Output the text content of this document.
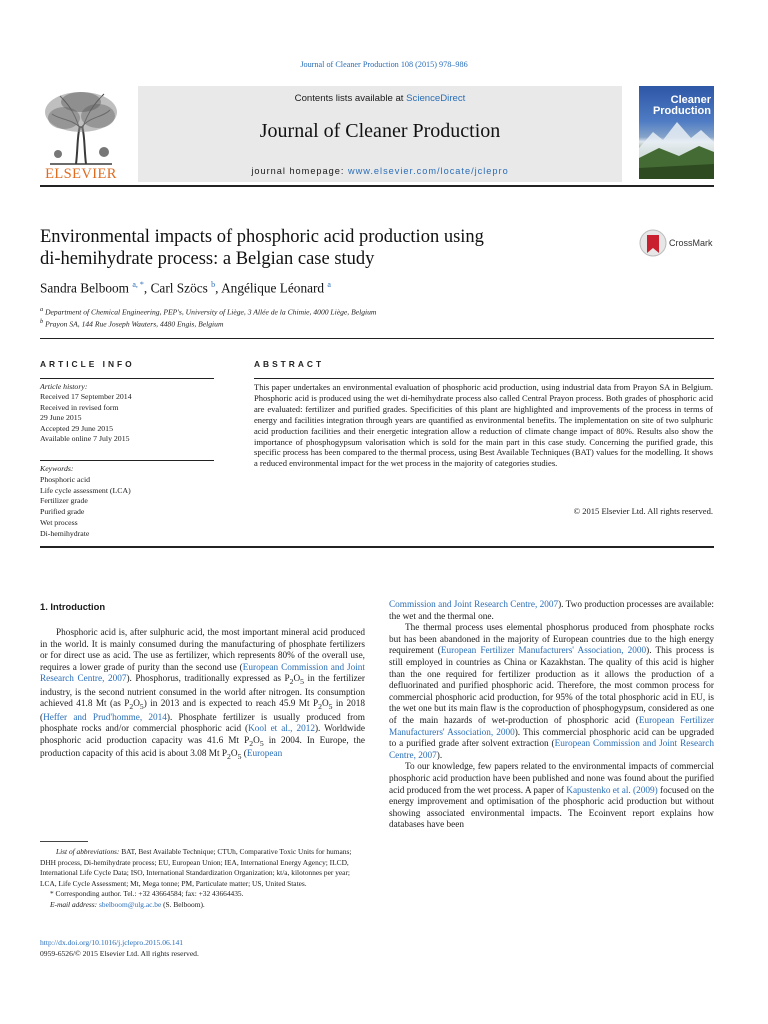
Journal of Cleaner Production 108 (2015) 978–986
ELSEVIER
Contents lists available at ScienceDirect
Journal of Cleaner Production
journal homepage: www.elsevier.com/locate/jclepro
Cleaner
Production
Environmental impacts of phosphoric acid production using
di-hemihydrate process: a Belgian case study
CrossMark
Sandra Belboom $^{a, *}$, Carl Szöcs $^b$, Angélique Léonard $^a$
$^a$ Department of Chemical Engineering, PEP's, University of Liège, 3 Allée de la Chimie, 4000 Liège, Belgium
$^b$ Prayon SA, 144 Rue Joseph Wauters, 4480 Engis, Belgium
ARTICLE INFO
Article history:
Received 17 September 2014
Received in revised form
29 June 2015
Accepted 29 June 2015
Available online 7 July 2015
Keywords:
Phosphoric acid
Life cycle assessment (LCA)
Fertilizer grade
Purified grade
Wet process
Di-hemihydrate
ABSTRACT
This paper undertakes an environmental evaluation of phosphoric acid production, using industrial data from Prayon SA in Belgium. Phosphoric acid is produced using the wet di-hemihydrate process also called Central Prayon process. Both grades of phosphoric acid are evaluated: fertilizer and purified grades. Specificities of this plant are highlighted and improvements of the process in terms of energy and facilities integration through years are quantified as environmental benefits. The implementation on site of two sulphuric acid production facilities and their energetic integration allow a reduction of climate change impact of 80%. Results also show the importance of phosphogypsum valorisation which is sold for the main part in this case study. Concerning the purified grade, this specific process has been compared to the thermal process, using Best Available Techniques (BAT) values for the modelling. It shows a reduced environmental impact for the wet process in the majority of categories studies.
© 2015 Elsevier Ltd. All rights reserved.
1. Introduction

Phosphoric acid is, after sulphuric acid, the most important mineral acid produced in the world. It is mainly consumed during the manufacturing of phosphate fertilizers or for direct use as acid. The use as fertilizer, which represents 80% of the overall use, requires a lower grade of purity than the second use (European Commission and Joint Research Centre, 2007). Phosphorus, traditionally expressed as $P_2O_5$ in the fertilizer industry, is the second nutrient consumed in the world after nitrogen. Its consumption achieved 41.8 Mt (as $P_2O_5$) in 2013 and is expected to reach 45.9 Mt $P_2O_5$ in 2018 (Heffer and Prud'homme, 2014). Phosphate fertilizer is usually produced from phosphate rocks and/or commercial phosphoric acid (Kool et al., 2012). Worldwide phosphoric acid production capacity was 41.6 Mt $P_2O_5$ in 2004. In Europe, the production capacity of this acid is about 3.08 Mt $P_2O_5$ (European

List of abbreviations: BAT, Best Available Technique; CTUh, Comparative Toxic Units for humans; DHH process, Di-hemihydrate process; EU, European Union; IEA, International Energy Agency; ILCD, International Life Cycle Data; ISO, International Standardization Organization; kt/a, kilotonnes per year; LCA, Life Cycle Assessment; Mt, Mega tonne; PM, Particulate matter; US, United States.
* Corresponding author. Tel.: +32 43664584; fax: +32 43664435.
E-mail address: sbelboom@ulg.ac.be (S. Belboom).
http://dx.doi.org/10.1016/j.jclepro.2015.06.141
0959-6526/© 2015 Elsevier Ltd. All rights reserved.

Commission and Joint Research Centre, 2007). Two production processes are available: the wet and the thermal one.

The thermal process uses elemental phosphorus produced from phosphate rocks but has been abandoned in the majority of European countries due to the high energy requirement (European Fertilizer Manufacturers' Association, 2000). This process is still employed in countries as China or Kazakhstan. The quality of this acid is higher than the one required for fertilizer production as it allows the production of a defluorinated and purified phosphoric acid. Therefore, the most common process for commercial phosphoric acid production, for 95% of the total phosphoric acid in EU, is the wet one but its main flaw is the coproduction of phosphogypsum, considered as one of the main hazards of wet-production of phosphoric acid (European Fertilizer Manufacturers' Association, 2000). This commercial phosphoric acid can be upgraded to a purified grade after solvent extraction (European Commission and Joint Research Centre, 2007).

To our knowledge, few papers related to the environmental impacts of commercial phosphoric acid production have been published and none was found about the purified acid produced from the wet process. A paper of Kapustenko et al. (2009) focused on the energy improvement and optimisation of the phosphoric acid production but without showing associated environmental impacts. The Ecoinvent report explains how databases have been
